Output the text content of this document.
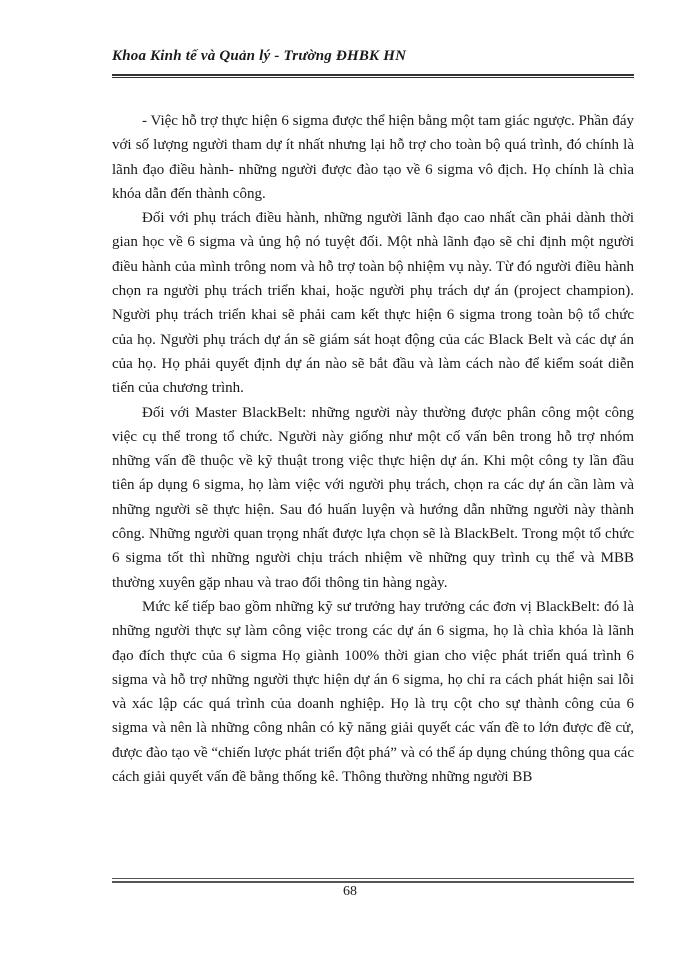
Khoa Kinh tế và Quản lý - Trường ĐHBK HN

- Việc hỗ trợ thực hiện 6 sigma được thể hiện bằng một tam giác ngược. Phần đáy với số lượng người tham dự ít nhất nhưng lại hỗ trợ cho toàn bộ quá trình, đó chính là lãnh đạo điều hành- những người được đào tạo về 6 sigma vô địch. Họ chính là chìa khóa dẫn đến thành công.

Đối với phụ trách điều hành, những người lãnh đạo cao nhất cần phải dành thời gian học về 6 sigma và ủng hộ nó tuyệt đối. Một nhà lãnh đạo sẽ chỉ định một người điều hành của mình trông nom và hỗ trợ toàn bộ nhiệm vụ này. Từ đó người điều hành chọn ra người phụ trách triển khai, hoặc người phụ trách dự án (project champion). Người phụ trách triển khai sẽ phải cam kết thực hiện 6 sigma trong toàn bộ tổ chức của họ. Người phụ trách dự án sẽ giám sát hoạt động của các Black Belt và các dự án của họ. Họ phải quyết định dự án nào sẽ bắt đầu và làm cách nào để kiểm soát diễn tiến của chương trình.

Đối với Master BlackBelt: những người này thường được phân công một công việc cụ thể trong tổ chức. Người này giống như một cố vấn bên trong hỗ trợ nhóm những vấn đề thuộc về kỹ thuật trong việc thực hiện dự án. Khi một công ty lần đầu tiên áp dụng 6 sigma, họ làm việc với người phụ trách, chọn ra các dự án cần làm và những người sẽ thực hiện. Sau đó huấn luyện và hướng dẫn những người này thành công. Những người quan trọng nhất được lựa chọn sẽ là BlackBelt. Trong một tổ chức 6 sigma tốt thì những người chịu trách nhiệm về những quy trình cụ thể và MBB thường xuyên gặp nhau và trao đổi thông tin hàng ngày.

Mức kế tiếp bao gồm những kỹ sư trưởng hay trưởng các đơn vị BlackBelt: đó là những người thực sự làm công việc trong các dự án 6 sigma, họ là chìa khóa là lãnh đạo đích thực của 6 sigma Họ giành 100% thời gian cho việc phát triển quá trình 6 sigma và hỗ trợ những người thực hiện dự án 6 sigma, họ chỉ ra cách phát hiện sai lỗi và xác lập các quá trình của doanh nghiệp. Họ là trụ cột cho sự thành công của 6 sigma và nên là những công nhân có kỹ năng giải quyết các vấn đề to lớn được đề cử, được đào tạo về “chiến lược phát triển đột phá” và có thể áp dụng chúng thông qua các cách giải quyết vấn đề bằng thống kê. Thông thường những người BB

68
